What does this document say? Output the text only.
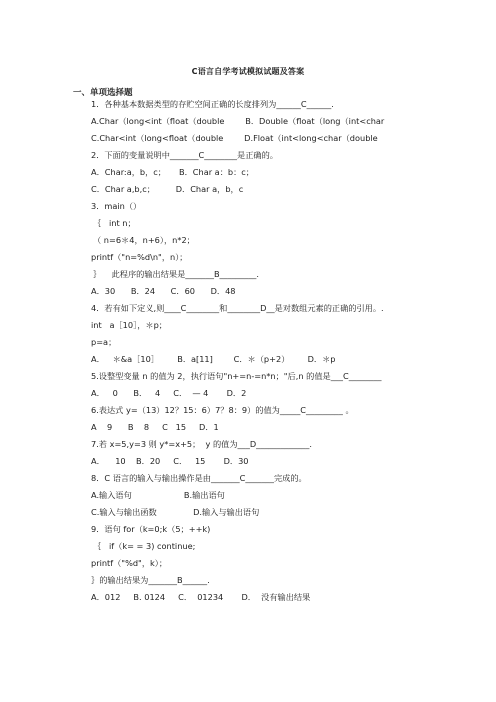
C语言自学考试模拟试题及答案
一、单项选择题
1．各种基本数据类型的存贮空间正确的长度排列为______C______.
A.Char（long<int（float（double        B．Double（float（long（int<char
C.Char<int（long<float（double        D.Float（int<long<char（double
2．下面的变量说明中_______C________是正确的。
A．Char:a，b，c；     B．Char a：b：c；
C．Char a,b,c；        D．Char a，b，c
3．main（）
｛   int n；
（ n=6＊4，n+6），n*2；
printf（"n=%d\n"，n）；
｝    此程序的输出结果是_______B_________.
A．30      B．24      C．60      D．48
4．若有如下定义,则____C________和________D__是对数组元素的正确的引用。.
int   a［10］，＊p；
p=a；
A．   ＊&a［10］       B．a[11]        C．＊（p+2）       D．＊p
5.设整型变量 n 的值为 2，执行语句"n+=n-=n*n；"后,n 的值是___C________
A．   0      B．   4     C．  — 4       D．2
6.表达式 y=（13）12？15：6）7？8：9）的值为_____C_________ 。
A    9      B    8     C   15     D．1
7.若 x=5,y=3 则 y*=x+5；  y 的值为___D_____________.
A．    10    B．20     C．   15       D．30
8．C 语言的输入与输出操作是由_______C_______完成的。
A.输入语句                    B.输出语句
C.输入与输出函数              D.输入与输出语句
9．语句 for（k=0;k（5；++k)
｛   if（k= = 3) continue;
printf（"%d"，k）；
｝的输出结果为_______B______.
A．012     B. 0124     C．  01234       D．  没有输出结果
